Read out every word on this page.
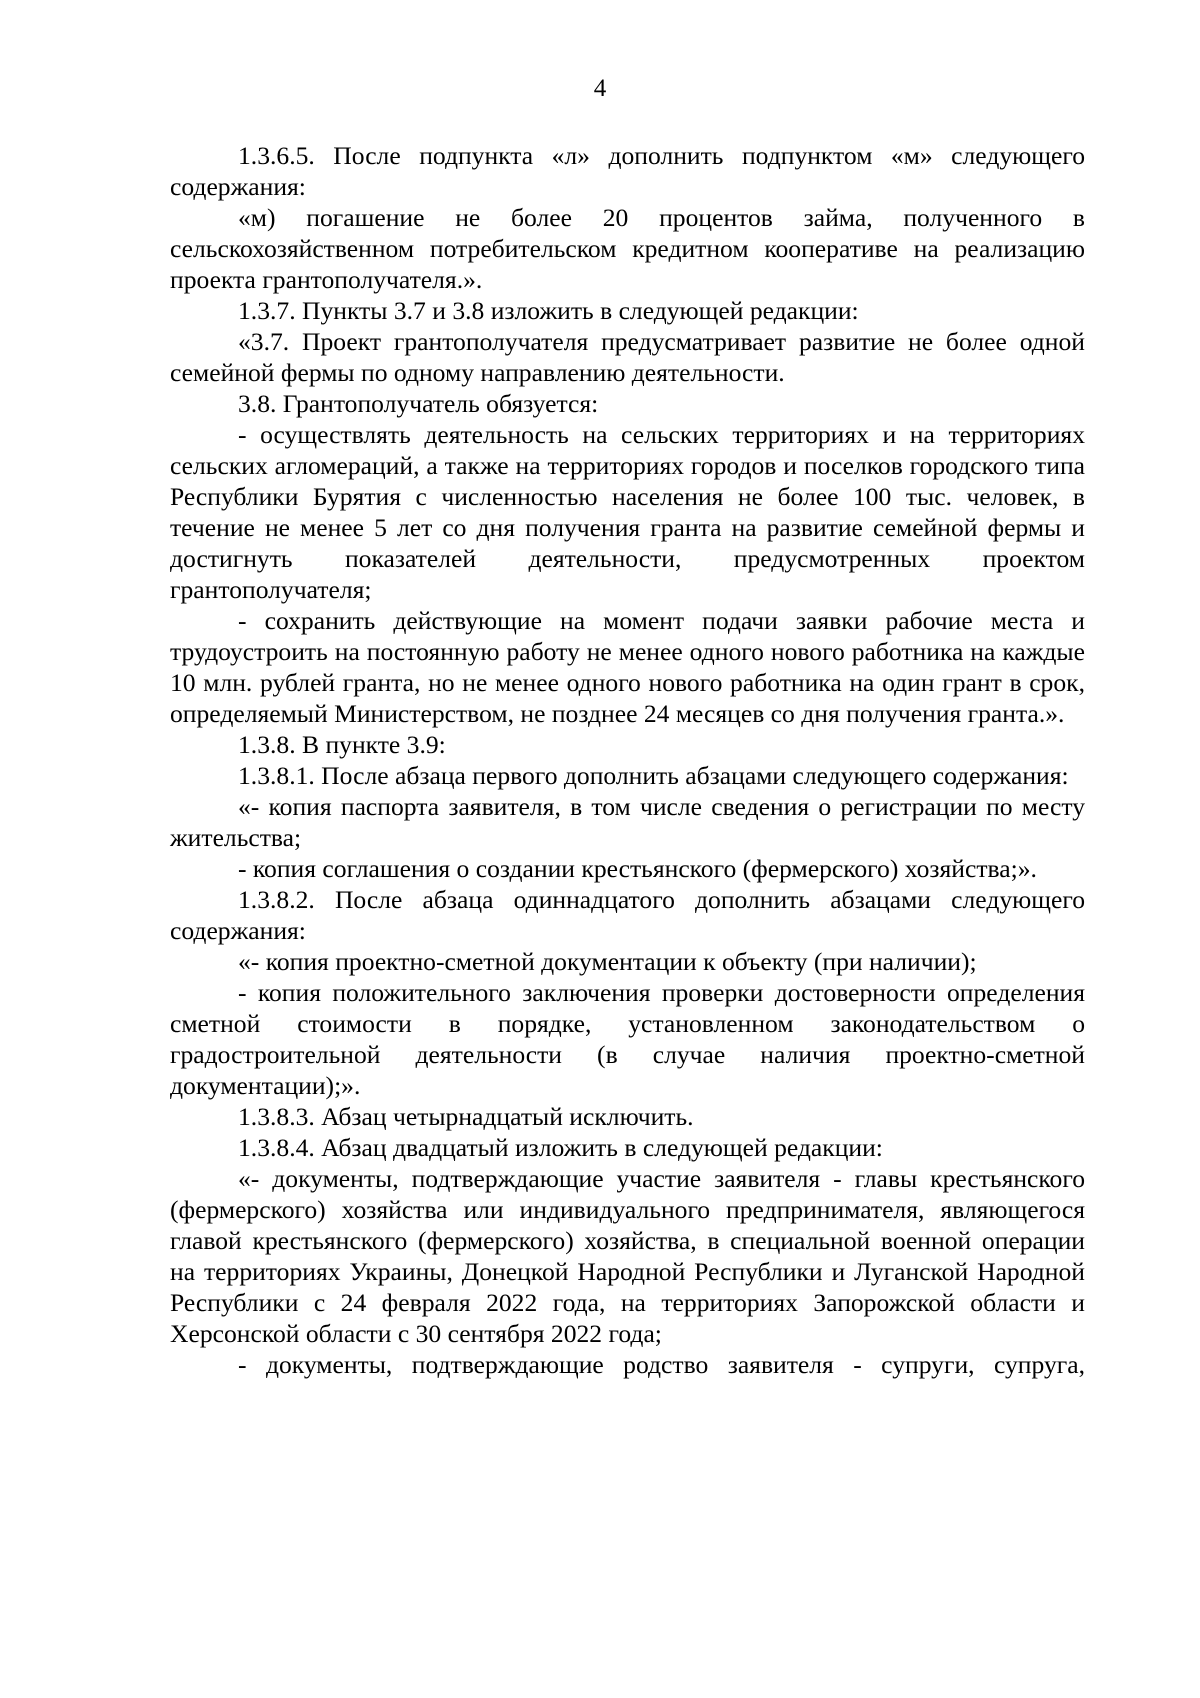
4

1.3.6.5. После подпункта «л» дополнить подпунктом «м» следующего содержания:

«м) погашение не более 20 процентов займа, полученного в сельскохозяйственном потребительском кредитном кооперативе на реализацию проекта грантополучателя.».

1.3.7. Пункты 3.7 и 3.8 изложить в следующей редакции:

«3.7. Проект грантополучателя предусматривает развитие не более одной семейной фермы по одному направлению деятельности.

3.8. Грантополучатель обязуется:

- осуществлять деятельность на сельских территориях и на территориях сельских агломераций, а также на территориях городов и поселков городского типа Республики Бурятия с численностью населения не более 100 тыс. человек, в течение не менее 5 лет со дня получения гранта на развитие семейной фермы и достигнуть показателей деятельности, предусмотренных проектом грантополучателя;

- сохранить действующие на момент подачи заявки рабочие места и трудоустроить на постоянную работу не менее одного нового работника на каждые 10 млн. рублей гранта, но не менее одного нового работника на один грант в срок, определяемый Министерством, не позднее 24 месяцев со дня получения гранта.».

1.3.8. В пункте 3.9:

1.3.8.1. После абзаца первого дополнить абзацами следующего содержания:

«- копия паспорта заявителя, в том числе сведения о регистрации по месту жительства;

- копия соглашения о создании крестьянского (фермерского) хозяйства;».

1.3.8.2. После абзаца одиннадцатого дополнить абзацами следующего содержания:

«- копия проектно-сметной документации к объекту (при наличии);

- копия положительного заключения проверки достоверности определения сметной стоимости в порядке, установленном законодательством о градостроительной деятельности (в случае наличия проектно-сметной документации);».

1.3.8.3. Абзац четырнадцатый исключить.

1.3.8.4. Абзац двадцатый изложить в следующей редакции:

«- документы, подтверждающие участие заявителя - главы крестьянского (фермерского) хозяйства или индивидуального предпринимателя, являющегося главой крестьянского (фермерского) хозяйства, в специальной военной операции на территориях Украины, Донецкой Народной Республики и Луганской Народной Республики с 24 февраля 2022 года, на территориях Запорожской области и Херсонской области с 30 сентября 2022 года;

- документы, подтверждающие родство заявителя - супруги, супруга,
